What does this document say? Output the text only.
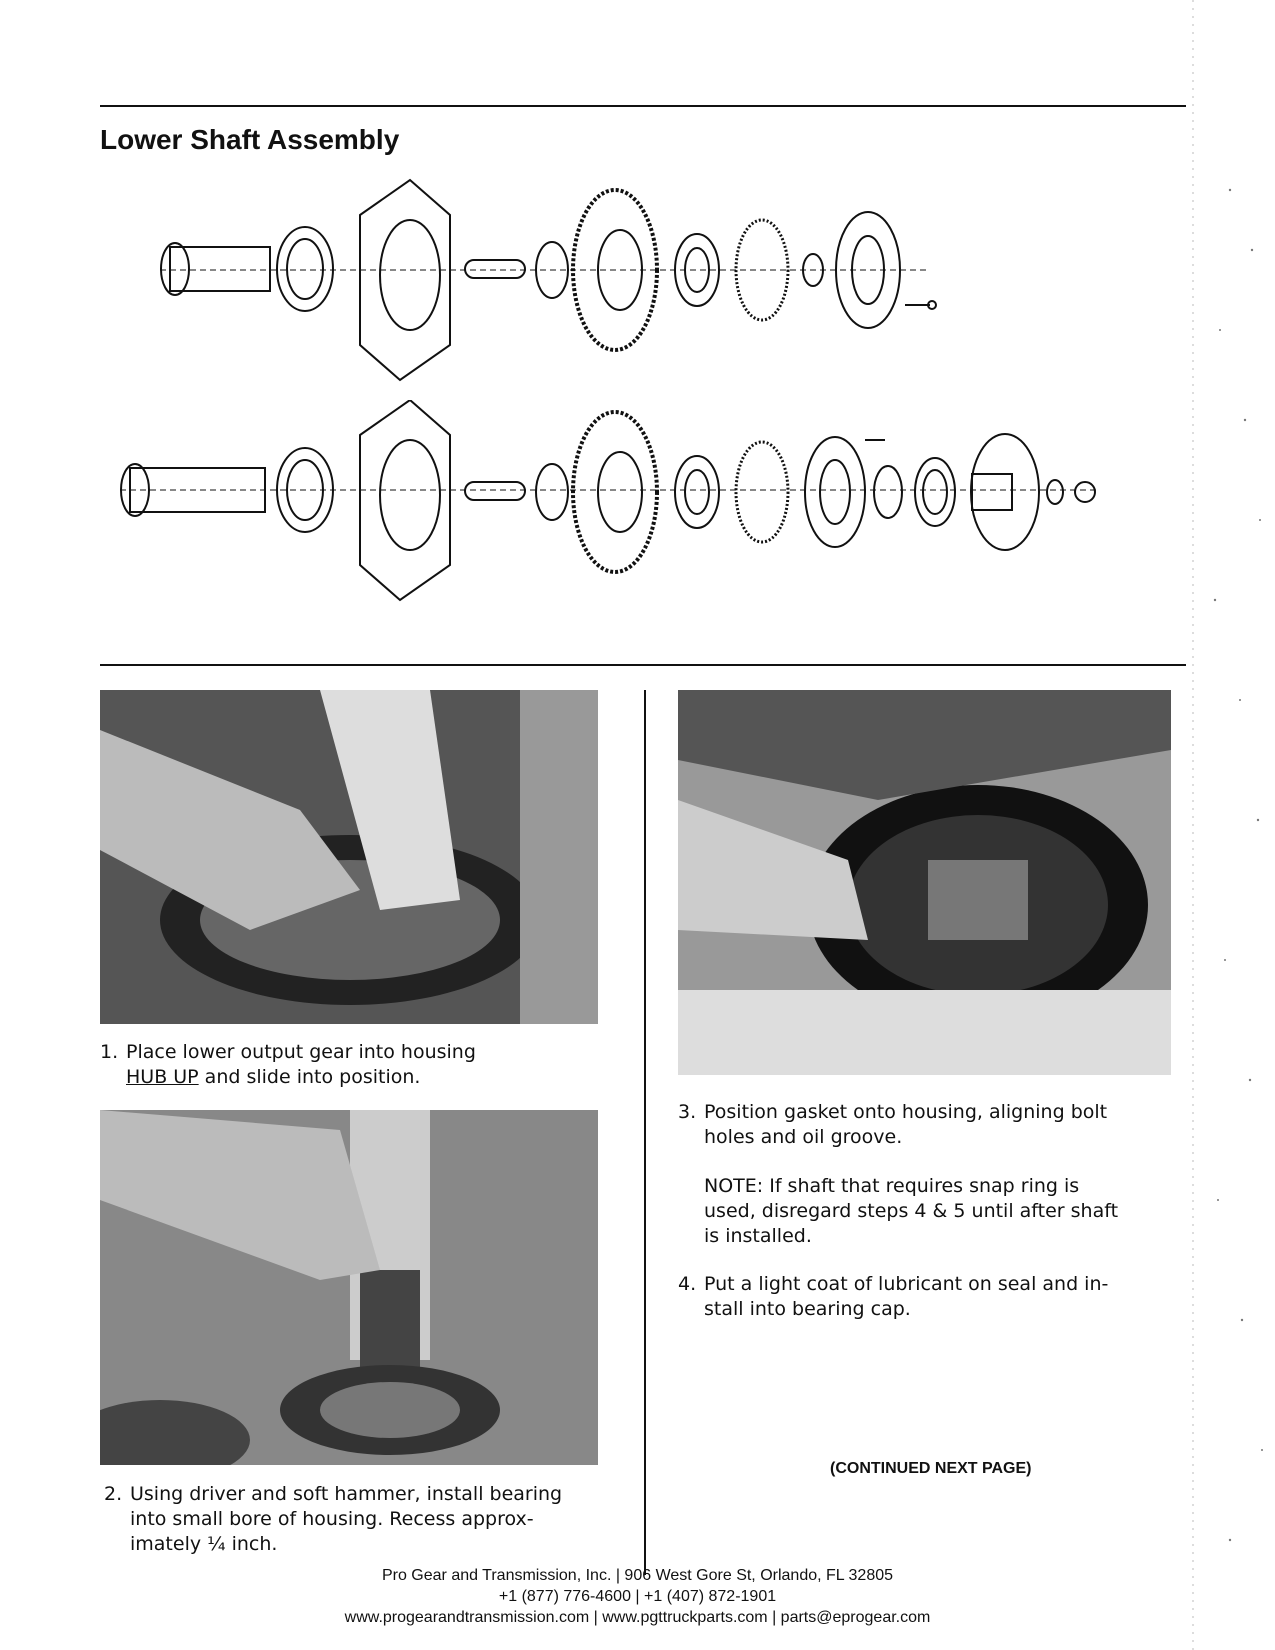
Lower Shaft Assembly
1. Place lower output gear into housing
HUB UP and slide into position.
2. Using driver and soft hammer, install bearing
into small bore of housing. Recess approx-
imately ¼ inch.
3. Position gasket onto housing, aligning bolt
holes and oil groove.
NOTE: If shaft that requires snap ring is
used, disregard steps 4 & 5 until after shaft
is installed.
4. Put a light coat of lubricant on seal and in-
stall into bearing cap.
(CONTINUED NEXT PAGE)
Pro Gear and Transmission, Inc. | 906 West Gore St, Orlando, FL 32805
+1 (877) 776-4600 | +1 (407) 872-1901
www.progearandtransmission.com | www.pgttruckparts.com | parts@eprogear.com
